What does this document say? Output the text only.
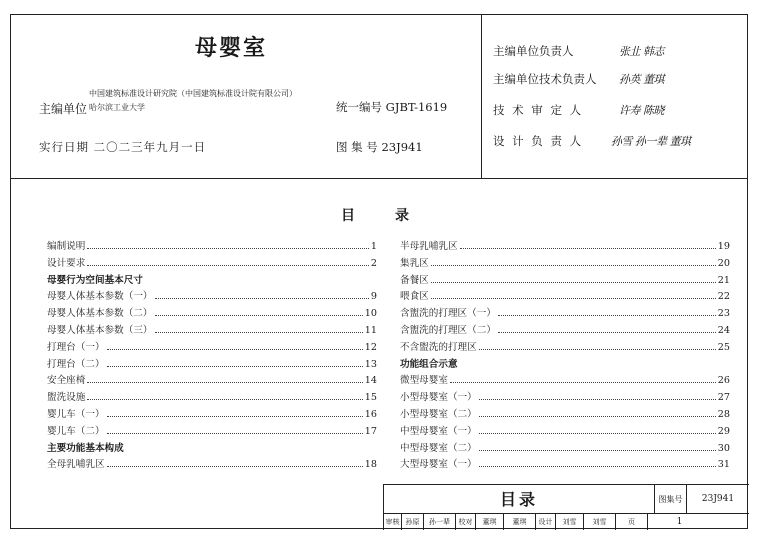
母婴室
主编单位
中国建筑标准设计研究院（中国建筑标准设计院有限公司）
哈尔滨工业大学	统一编号 GJBT-1619
实行日期 二〇二三年九月一日	图 集 号 23J941
主编单位负责人	张㐀 韩志
主编单位技术负责人 孙英 董琪
技 术 审 定 人	许寿 陈晓
设 计 负 责 人	孙雪 孙一辈 董琪
目录
编制说明	1
设计要求	2
母婴行为空间基本尺寸
母婴人体基本参数（一）	9
母婴人体基本参数（二）	10
母婴人体基本参数（三）	11
打理台（一）	12
打理台（二）	13
安全座椅	14
盥洗设施	15
婴儿车（一）	16
婴儿车（二）	17
主要功能基本构成
全母乳哺乳区	18
半母乳哺乳区	19
集乳区	20
备餐区	21
喂食区	22
含盥洗的打理区（一）	23
含盥洗的打理区（二）	24
不含盥洗的打理区	25
功能组合示意
微型母婴室	26
小型母婴室（一）	27
小型母婴室（二）	28
中型母婴室（一）	29
中型母婴室（二）	30
大型母婴室（一）	31
目录	图集号	23J941
审核 孙原	孙一辈	校对	董琪	董琪	设计	刘雪	刘雪	页	1
